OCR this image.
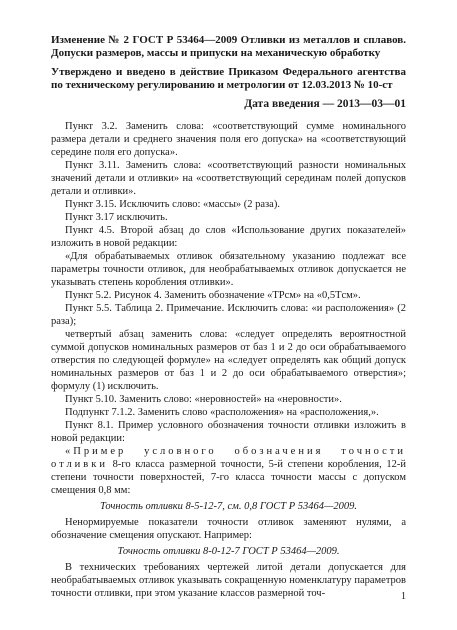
Изменение № 2 ГОСТ Р 53464—2009 Отливки из металлов и сплавов. Допуски размеров, массы и припуски на механическую обработку

Утверждено и введено в действие Приказом Федерального агентства по техническому регулированию и метрологии от 12.03.2013 № 10-ст

Дата введения — 2013—03—01

Пункт 3.2. Заменить слова: «соответствующий сумме номинального размера детали и среднего значения поля его допуска» на «соответствующий середине поля его допуска».

Пункт 3.11. Заменить слова: «соответствующий разности номинальных значений детали и отливки» на «соответствующий серединам полей допусков детали и отливки».

Пункт 3.15. Исключить слово: «массы» (2 раза).

Пункт 3.17 исключить.

Пункт 4.5. Второй абзац до слов «Использование других показателей» изложить в новой редакции:

«Для обрабатываемых отливок обязательному указанию подлежат все параметры точности отливок, для необрабатываемых отливок допускается не указывать степень коробления отливки».

Пункт 5.2. Рисунок 4. Заменить обозначение «ТРсм» на «0,5Tсм».

Пункт 5.5. Таблица 2. Примечание. Исключить слова: «и расположения» (2 раза);

четвертый абзац заменить слова: «следует определять вероятностной суммой допусков номинальных размеров от баз 1 и 2 до оси обрабатываемого отверстия по следующей формуле» на «следует определять как общий допуск номинальных размеров от баз 1 и 2 до оси обрабатываемого отверстия»; формулу (1) исключить.

Пункт 5.10. Заменить слово: «неровностей» на «неровности».

Подпункт 7.1.2. Заменить слово «расположения» на «расположения,».

Пункт 8.1. Пример условного обозначения точности отливки изложить в новой редакции:

«Пример условного обозначения точности отливки 8-го класса размерной точности, 5-й степени коробления, 12-й степени точности поверхностей, 7-го класса точности массы с допуском смещения 0,8 мм:

Точность отливки 8-5-12-7, см. 0,8 ГОСТ Р 53464—2009.

Ненормируемые показатели точности отливок заменяют нулями, а обозначение смещения опускают. Например:

Точность отливки 8-0-12-7 ГОСТ Р 53464—2009.

В технических требованиях чертежей литой детали допускается для необрабатываемых отливок указывать сокращенную номенклатуру параметров точности отливки, при этом указание классов размерной точ-	1
